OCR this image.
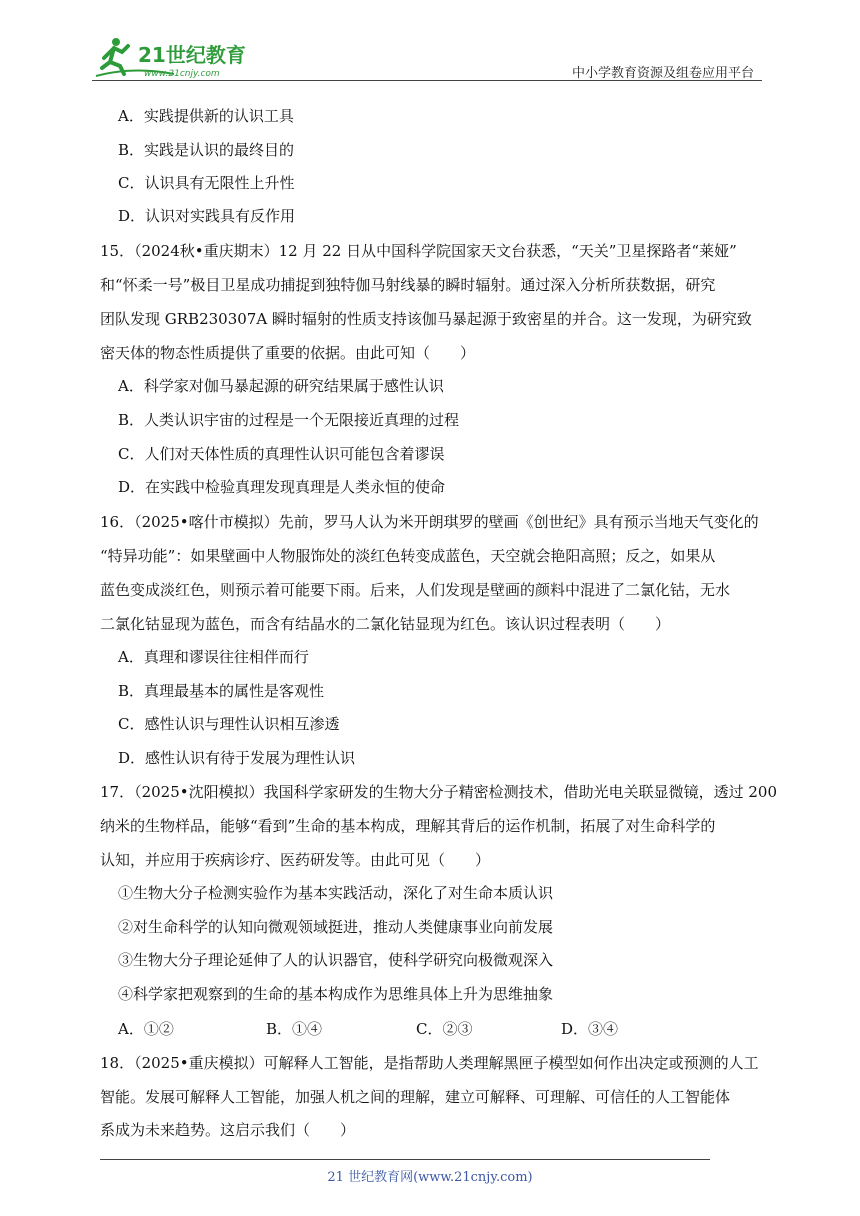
21世纪教育
www.21cnjy.com	中小学教育资源及组卷应用平台
A．实践提供新的认识工具
B．实践是认识的最终目的
C．认识具有无限性上升性
D．认识对实践具有反作用
15．（2024秋•重庆期末）12 月 22 日从中国科学院国家天文台获悉，“天关”卫星探路者“莱娅”
和“怀柔一号”极目卫星成功捕捉到独特伽马射线暴的瞬时辐射。通过深入分析所获数据，研究
团队发现 GRB230307A 瞬时辐射的性质支持该伽马暴起源于致密星的并合。这一发现，为研究致
密天体的物态性质提供了重要的依据。由此可知（　　）
A．科学家对伽马暴起源的研究结果属于感性认识
B．人类认识宇宙的过程是一个无限接近真理的过程
C．人们对天体性质的真理性认识可能包含着谬误
D．在实践中检验真理发现真理是人类永恒的使命
16．（2025•喀什市模拟）先前，罗马人认为米开朗琪罗的壁画《创世纪》具有预示当地天气变化的
“特异功能”：如果壁画中人物服饰处的淡红色转变成蓝色，天空就会艳阳高照；反之，如果从
蓝色变成淡红色，则预示着可能要下雨。后来，人们发现是壁画的颜料中混进了二氯化钴，无水
二氯化钴显现为蓝色，而含有结晶水的二氯化钴显现为红色。该认识过程表明（　　）
A．真理和谬误往往相伴而行
B．真理最基本的属性是客观性
C．感性认识与理性认识相互渗透
D．感性认识有待于发展为理性认识
17．（2025•沈阳模拟）我国科学家研发的生物大分子精密检测技术，借助光电关联显微镜，透过 200
纳米的生物样品，能够“看到”生命的基本构成，理解其背后的运作机制，拓展了对生命科学的
认知，并应用于疾病诊疗、医药研发等。由此可见（　　）
①生物大分子检测实验作为基本实践活动，深化了对生命本质认识
②对生命科学的认知向微观领域挺进，推动人类健康事业向前发展
③生物大分子理论延伸了人的认识器官，使科学研究向极微观深入
④科学家把观察到的生命的基本构成作为思维具体上升为思维抽象
A．①②	B．①④	C．②③	D．③④
18．（2025•重庆模拟）可解释人工智能，是指帮助人类理解黑匣子模型如何作出决定或预测的人工
智能。发展可解释人工智能，加强人机之间的理解，建立可解释、可理解、可信任的人工智能体
系成为未来趋势。这启示我们（　　）
21 世纪教育网(www.21cnjy.com)
